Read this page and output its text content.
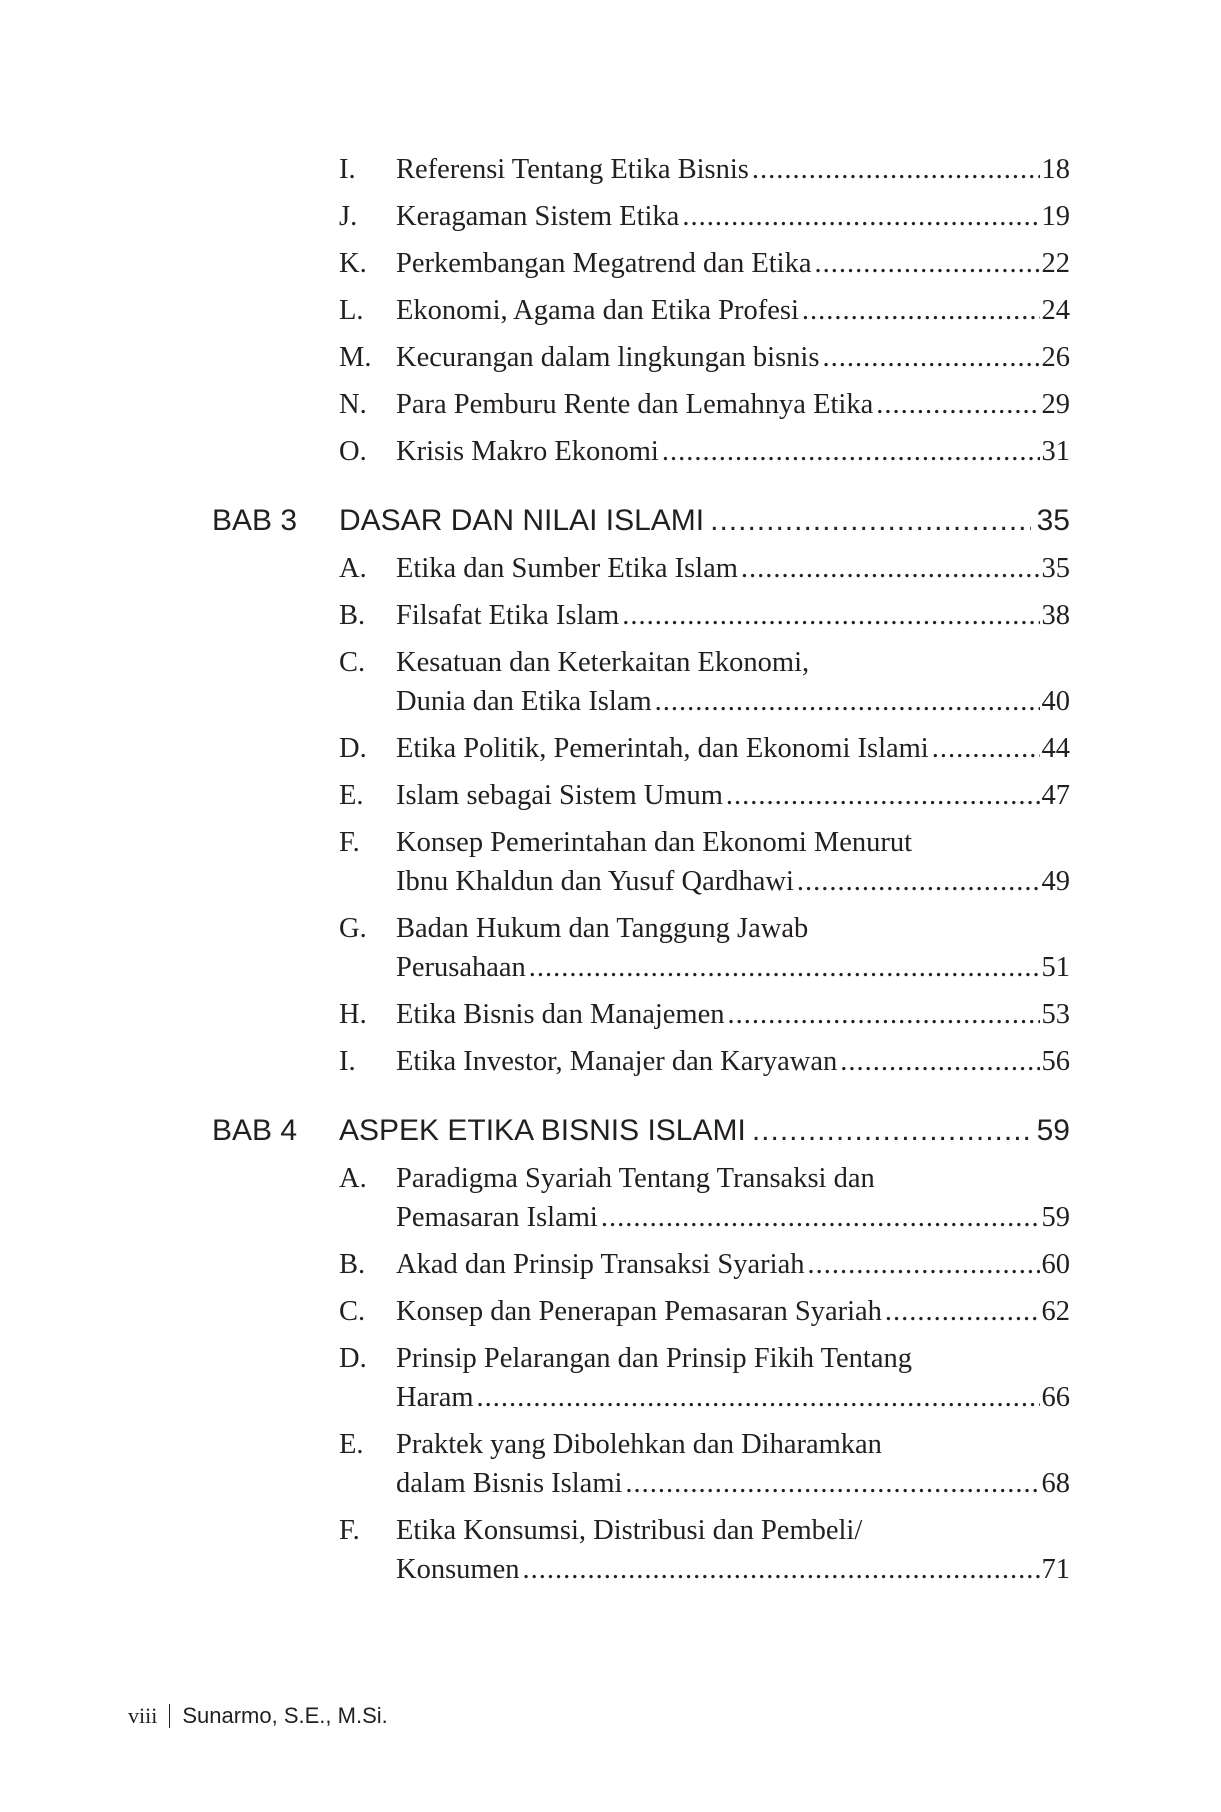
I.	Referensi Tentang Etika Bisnis .....	18
J.	Keragaman Sistem Etika .....	19
K.	Perkembangan Megatrend dan Etika .....	22
L.	Ekonomi, Agama dan Etika Profesi .....	24
M. Kecurangan dalam lingkungan bisnis .....	26
N.	Para Pemburu Rente dan Lemahnya Etika .....	29
O.	Krisis Makro Ekonomi .....	31
BAB 3 DASAR DAN NILAI ISLAMI .....	35
A.	Etika dan Sumber Etika Islam .....	35
B.	Filsafat Etika Islam .....	38
C.	Kesatuan dan Keterkaitan Ekonomi,
Dunia dan Etika Islam .....	40
D.	Etika Politik, Pemerintah, dan Ekonomi Islami .....	44
E.	Islam sebagai Sistem Umum .....	47
F.	Konsep Pemerintahan dan Ekonomi Menurut
Ibnu Khaldun dan Yusuf Qardhawi .....	49
G.	Badan Hukum dan Tanggung Jawab
Perusahaan .....	51
H.	Etika Bisnis dan Manajemen .....	53
I.	Etika Investor, Manajer dan Karyawan .....	56
BAB 4 ASPEK ETIKA BISNIS ISLAMI .....	59
A.	Paradigma Syariah Tentang Transaksi dan
Pemasaran Islami .....	59
B.	Akad dan Prinsip Transaksi Syariah .....	60
C.	Konsep dan Penerapan Pemasaran Syariah .....	62
D.	Prinsip Pelarangan dan Prinsip Fikih Tentang
Haram .....	66
E.	Praktek yang Dibolehkan dan Diharamkan
dalam Bisnis Islami .....	68
F.	Etika Konsumsi, Distribusi dan Pembeli/
Konsumen .....	71
viii Sunarmo, S.E., M.Si.
